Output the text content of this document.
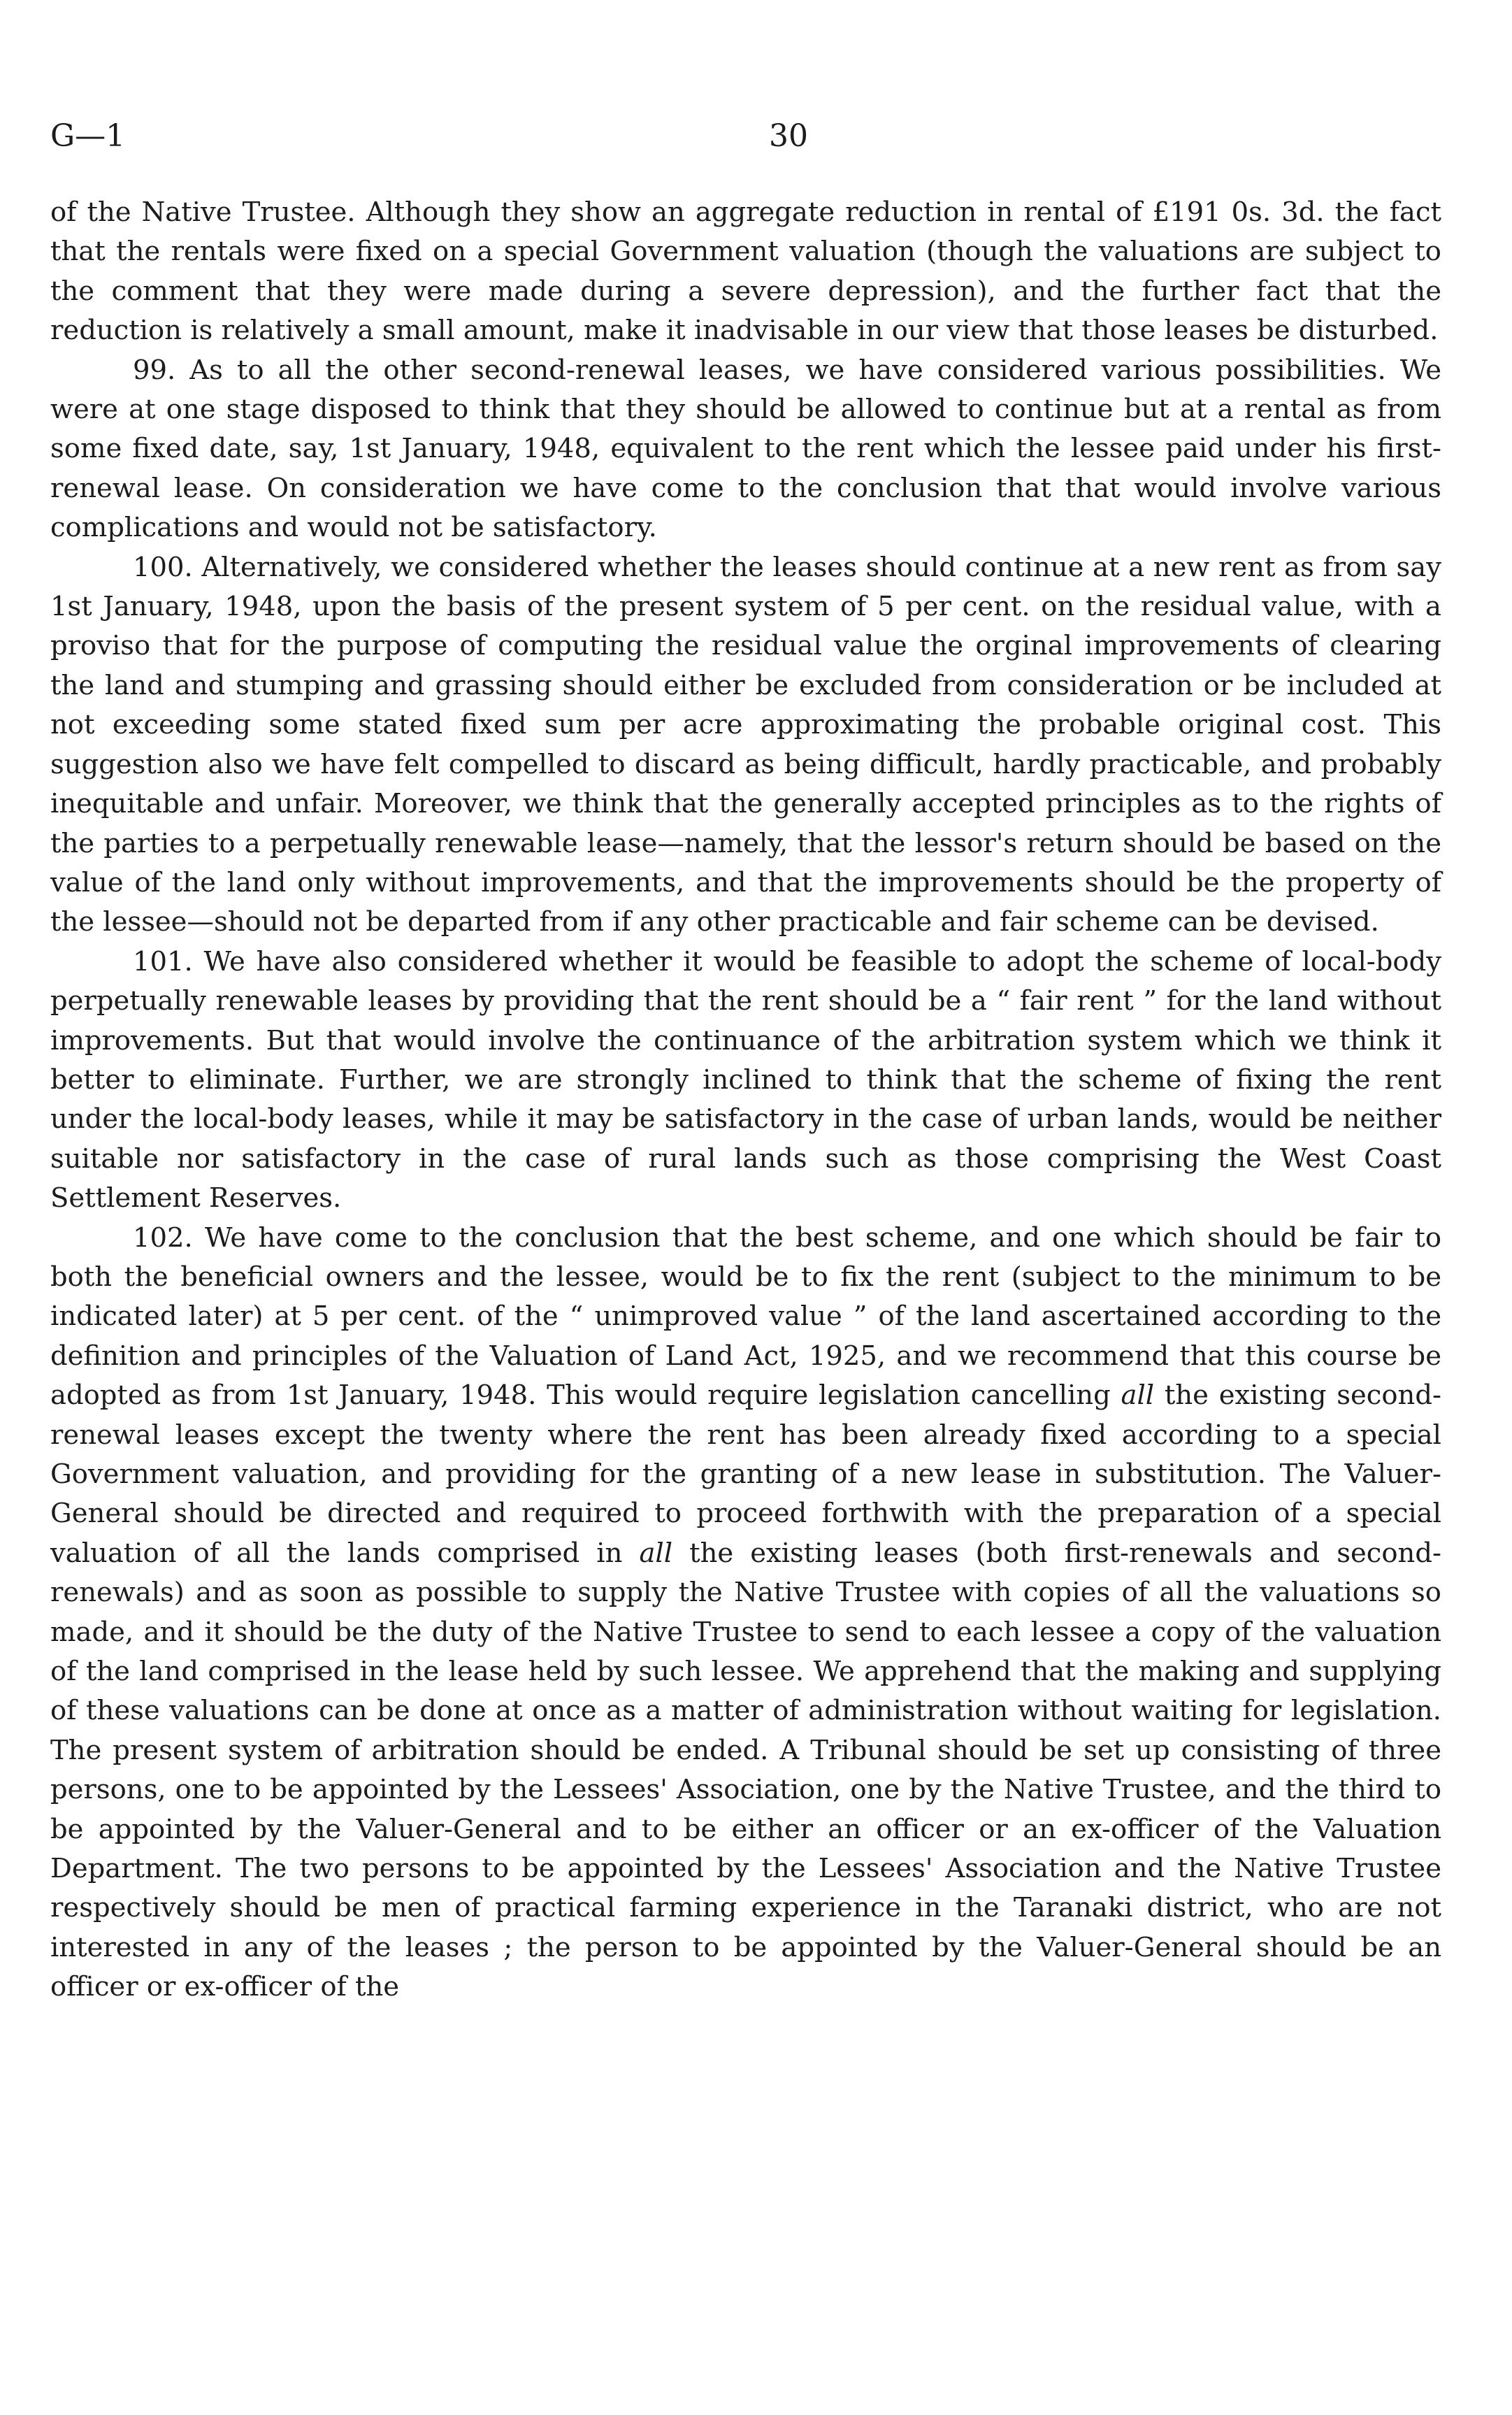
G—1	30

of the Native Trustee. Although they show an aggregate reduction in rental of £191 0s. 3d. the fact that the rentals were fixed on a special Government valuation (though the valuations are subject to the comment that they were made during a severe depression), and the further fact that the reduction is relatively a small amount, make it inadvisable in our view that those leases be disturbed.

99. As to all the other second-renewal leases, we have considered various possibilities. We were at one stage disposed to think that they should be allowed to continue but at a rental as from some fixed date, say, 1st January, 1948, equivalent to the rent which the lessee paid under his first-renewal lease. On consideration we have come to the conclusion that that would involve various complications and would not be satisfactory.

100. Alternatively, we considered whether the leases should continue at a new rent as from say 1st January, 1948, upon the basis of the present system of 5 per cent. on the residual value, with a proviso that for the purpose of computing the residual value the orginal improvements of clearing the land and stumping and grassing should either be excluded from consideration or be included at not exceeding some stated fixed sum per acre approximating the probable original cost. This suggestion also we have felt compelled to discard as being difficult, hardly practicable, and probably inequitable and unfair. Moreover, we think that the generally accepted principles as to the rights of the parties to a perpetually renewable lease—namely, that the lessor's return should be based on the value of the land only without improvements, and that the improvements should be the property of the lessee—should not be departed from if any other practicable and fair scheme can be devised.

101. We have also considered whether it would be feasible to adopt the scheme of local-body perpetually renewable leases by providing that the rent should be a “ fair rent ” for the land without improvements. But that would involve the continuance of the arbitration system which we think it better to eliminate. Further, we are strongly inclined to think that the scheme of fixing the rent under the local-body leases, while it may be satisfactory in the case of urban lands, would be neither suitable nor satisfactory in the case of rural lands such as those comprising the West Coast Settlement Reserves.

102. We have come to the conclusion that the best scheme, and one which should be fair to both the beneficial owners and the lessee, would be to fix the rent (subject to the minimum to be indicated later) at 5 per cent. of the “ unimproved value ” of the land ascertained according to the definition and principles of the Valuation of Land Act, 1925, and we recommend that this course be adopted as from 1st January, 1948. This would require legislation cancelling all the existing second-renewal leases except the twenty where the rent has been already fixed according to a special Government valuation, and providing for the granting of a new lease in substitution. The Valuer-General should be directed and required to proceed forthwith with the preparation of a special valuation of all the lands comprised in all the existing leases (both first-renewals and second-renewals) and as soon as possible to supply the Native Trustee with copies of all the valuations so made, and it should be the duty of the Native Trustee to send to each lessee a copy of the valuation of the land comprised in the lease held by such lessee. We apprehend that the making and supplying of these valuations can be done at once as a matter of administration without waiting for legislation. The present system of arbitration should be ended. A Tribunal should be set up consisting of three persons, one to be appointed by the Lessees' Association, one by the Native Trustee, and the third to be appointed by the Valuer-General and to be either an officer or an ex-officer of the Valuation Department. The two persons to be appointed by the Lessees' Association and the Native Trustee respectively should be men of practical farming experience in the Taranaki district, who are not interested in any of the leases ; the person to be appointed by the Valuer-General should be an officer or ex-officer of the
